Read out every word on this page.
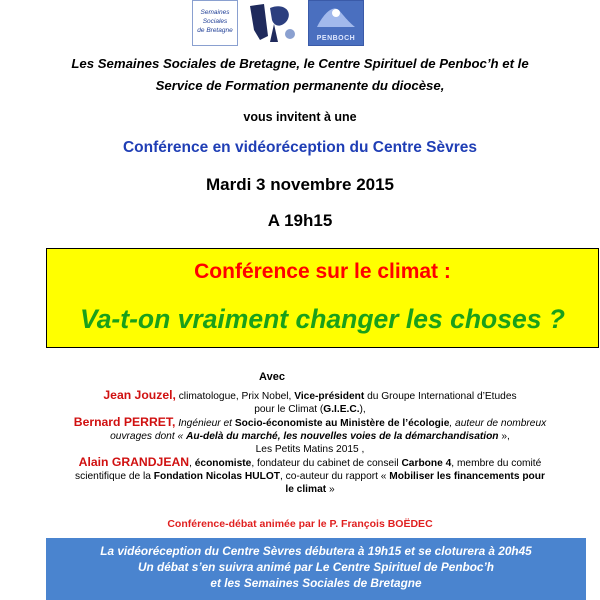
Semaines
Sociales
de Bretagne
PENBOCH
Les Semaines Sociales de Bretagne, le Centre Spirituel de Penboc’h et le
Service de Formation permanente du diocèse,
vous invitent à une
Conférence en vidéoréception du Centre Sèvres
Mardi 3 novembre 2015
A 19h15
Conférence sur le climat :
Va-t-on vraiment changer les choses ?
Avec

Jean Jouzel, climatologue, Prix Nobel, Vice-président du Groupe International d’Etudes

pour le Climat (G.I.E.C.),

Bernard PERRET, Ingénieur et Socio-économiste au Ministère de l’écologie, auteur de nombreux

ouvrages dont « Au-delà du marché, les nouvelles voies de la démarchandisation »,

Les Petits Matins 2015 ,

Alain GRANDJEAN, économiste, fondateur du cabinet de conseil Carbone 4, membre du comité

scientifique de la Fondation Nicolas HULOT, co-auteur du rapport « Mobiliser les financements pour

le climat »

Conférence-débat animée par le P. François BOËDEC
La vidéoréception du Centre Sèvres débutera à 19h15 et se cloturera à 20h45
Un débat s’en suivra animé par Le Centre Spirituel de Penboc’h
et les Semaines Sociales de Bretagne
